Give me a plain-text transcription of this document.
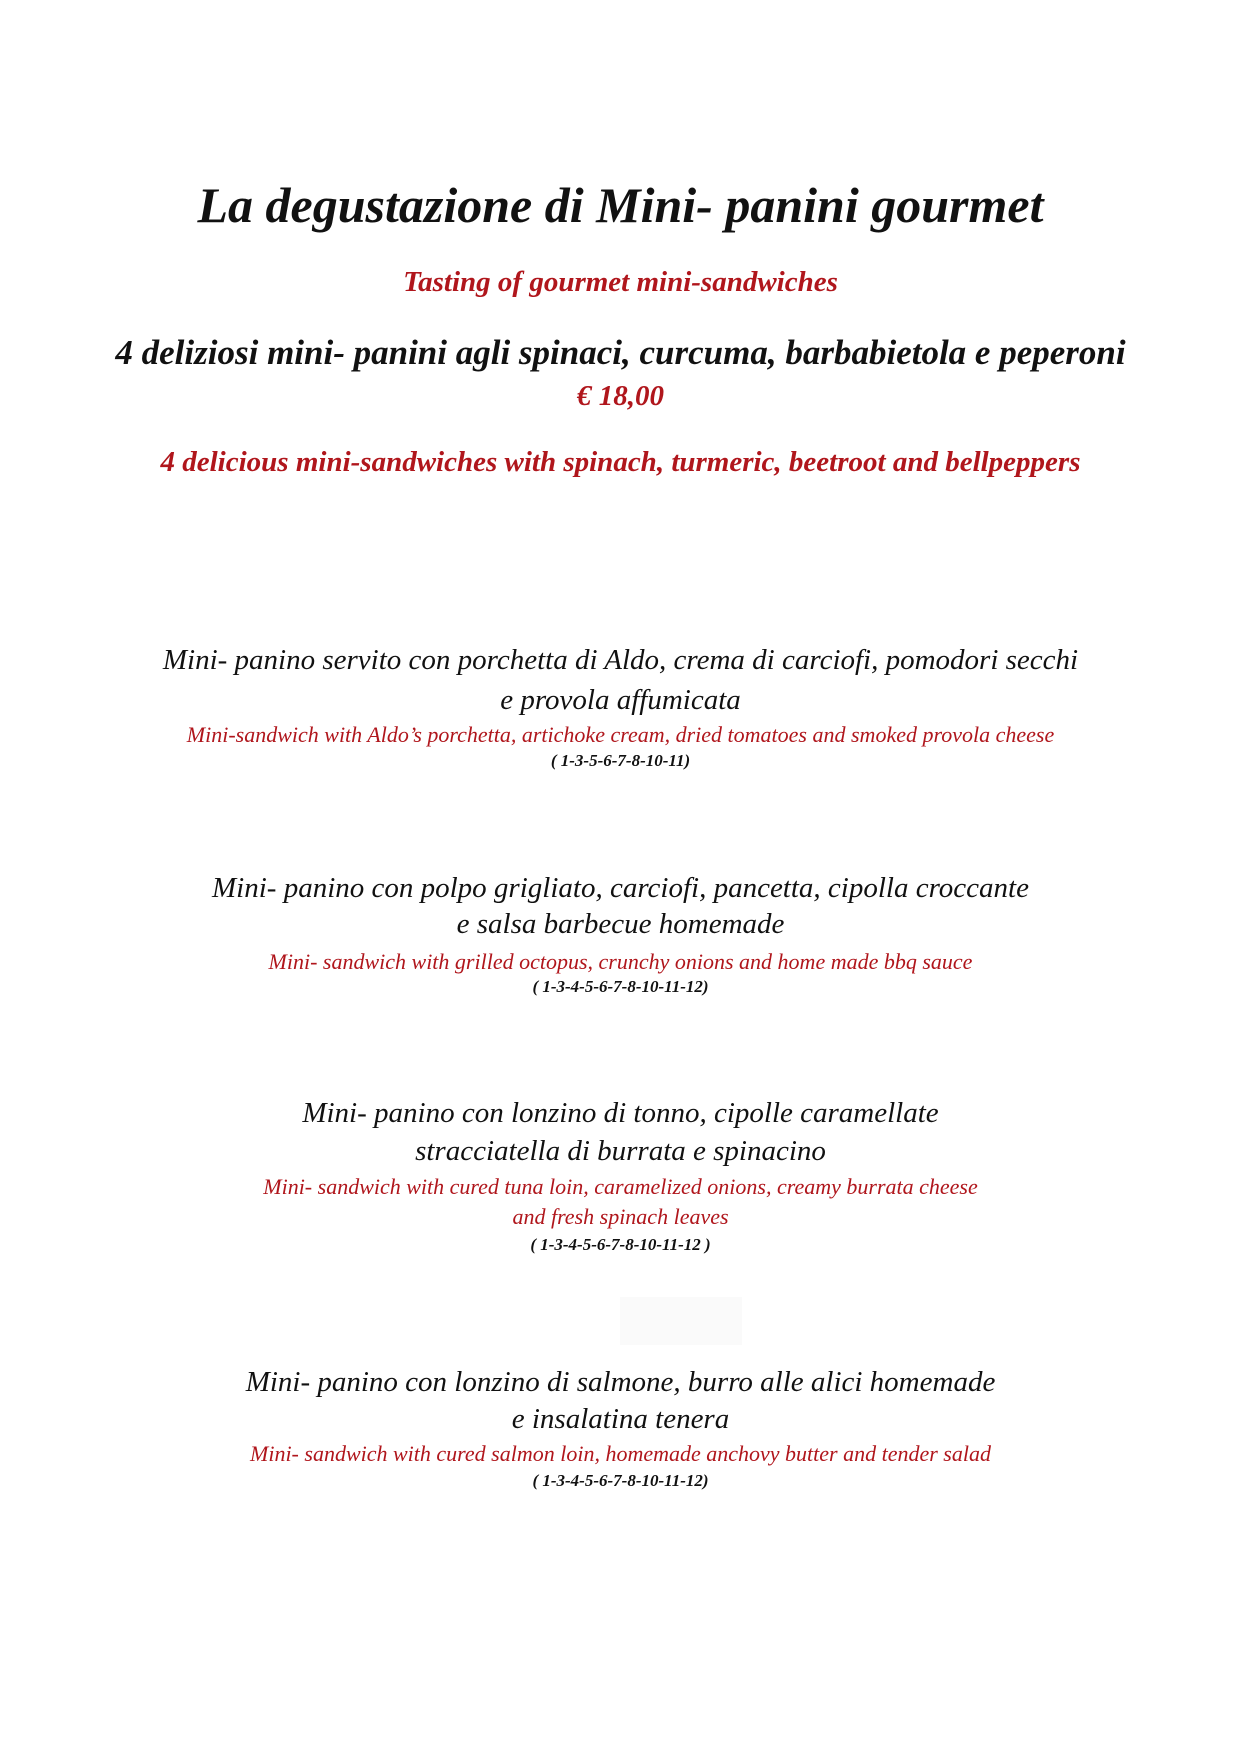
La degustazione di Mini- panini gourmet
Tasting of gourmet mini-sandwiches
4 deliziosi mini- panini agli spinaci, curcuma, barbabietola e peperoni
€ 18,00
4 delicious mini-sandwiches with spinach, turmeric, beetroot and bellpeppers
Mini- panino servito con porchetta di Aldo, crema di carciofi, pomodori secchi
e provola affumicata
Mini-sandwich with Aldo’s porchetta, artichoke cream, dried tomatoes and smoked provola cheese
( 1-3-5-6-7-8-10-11)
Mini- panino con polpo grigliato, carciofi, pancetta, cipolla croccante
e salsa barbecue homemade
Mini- sandwich with grilled octopus, crunchy onions and home made bbq sauce
( 1-3-4-5-6-7-8-10-11-12)
Mini- panino con lonzino di tonno, cipolle caramellate
stracciatella di burrata e spinacino
Mini- sandwich with cured tuna loin, caramelized onions, creamy burrata cheese
and fresh spinach leaves
( 1-3-4-5-6-7-8-10-11-12 )
Mini- panino con lonzino di salmone, burro alle alici homemade
e insalatina tenera
Mini- sandwich with cured salmon loin, homemade anchovy butter and tender salad
( 1-3-4-5-6-7-8-10-11-12)
